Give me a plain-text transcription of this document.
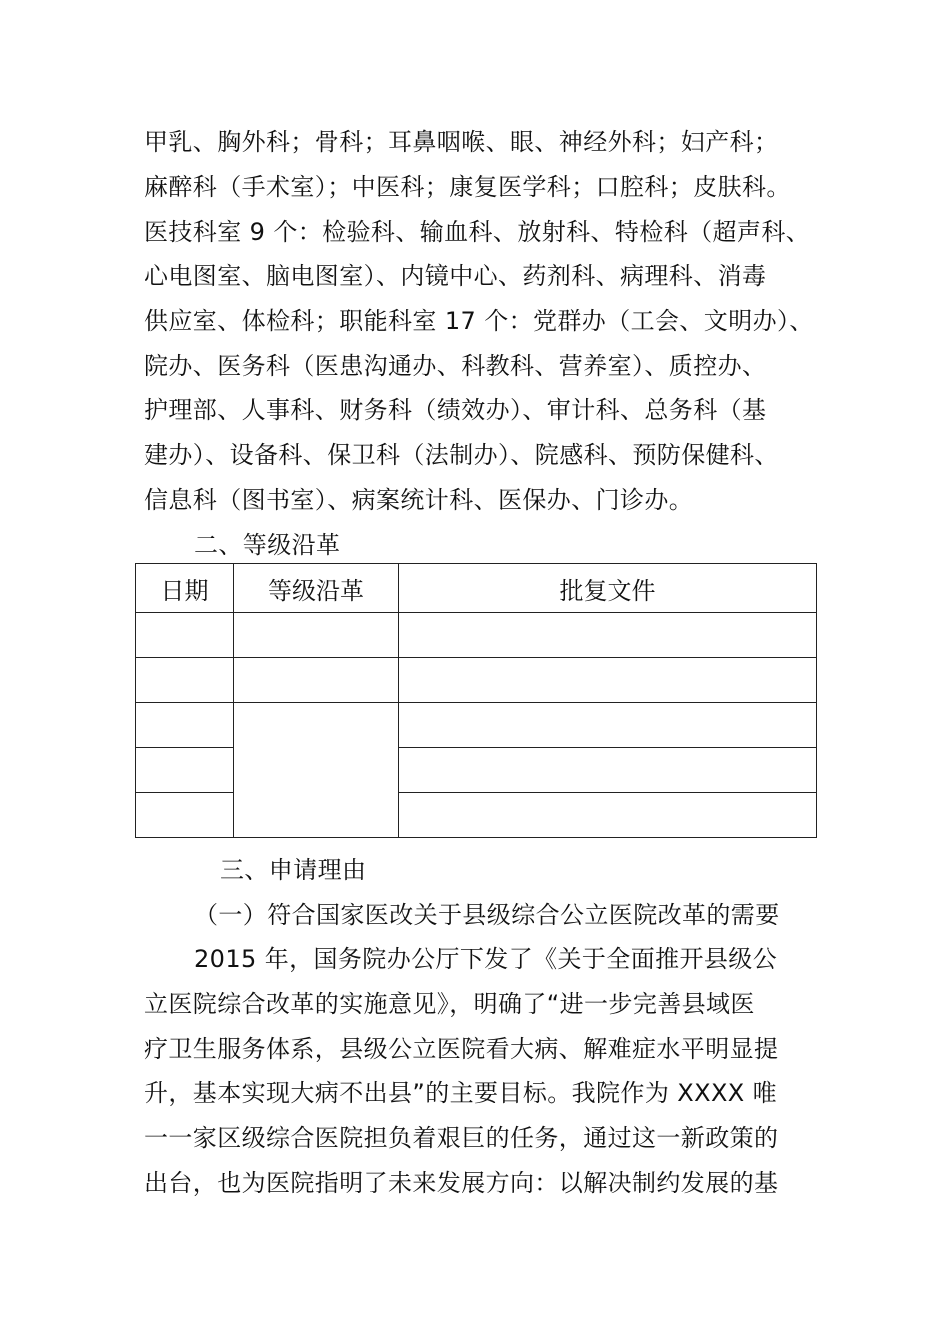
甲乳、胸外科；骨科；耳鼻咽喉、眼、神经外科；妇产科；
麻醉科（手术室）；中医科；康复医学科；口腔科；皮肤科。
医技科室 9 个：检验科、输血科、放射科、特检科（超声科、
心电图室、脑电图室）、内镜中心、药剂科、病理科、消毒
供应室、体检科；职能科室 17 个：党群办（工会、文明办）、
院办、医务科（医患沟通办、科教科、营养室）、质控办、
护理部、人事科、财务科（绩效办）、审计科、总务科（基
建办）、设备科、保卫科（法制办）、院感科、预防保健科、
信息科（图书室）、病案统计科、医保办、门诊办。
二、等级沿革
日期	等级沿革	批复文件

三、申请理由
（一）符合国家医改关于县级综合公立医院改革的需要
2015 年，国务院办公厅下发了《关于全面推开县级公
立医院综合改革的实施意见》，明确了“进一步完善县域医
疗卫生服务体系，县级公立医院看大病、解难症水平明显提
升，基本实现大病不出县”的主要目标。我院作为 XXXX 唯
一一家区级综合医院担负着艰巨的任务，通过这一新政策的
出台，也为医院指明了未来发展方向：以解决制约发展的基
